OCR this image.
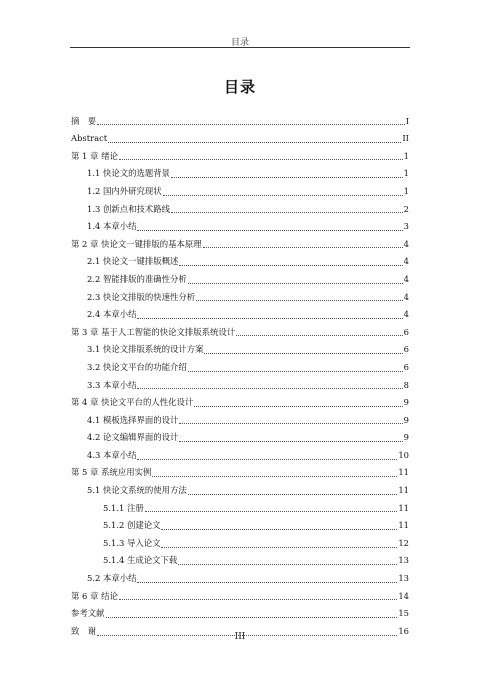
目录
目录
摘　要	I
Abstract	II
第 1 章 绪论	1
1.1 快论文的选题背景	1
1.2 国内外研究现状	1
1.3 创新点和技术路线	2
1.4 本章小结	3
第 2 章 快论文一键排版的基本原理	4
2.1 快论文一键排版概述	4
2.2 智能排版的准确性分析	4
2.3 快论文排版的快速性分析	4
2.4 本章小结	4
第 3 章 基于人工智能的快论文排版系统设计	6
3.1 快论文排版系统的设计方案	6
3.2 快论文平台的功能介绍	6
3.3 本章小结	8
第 4 章 快论文平台的人性化设计	9
4.1 模板选择界面的设计	9
4.2 论文编辑界面的设计	9
4.3 本章小结	10
第 5 章 系统应用实例	11
5.1 快论文系统的使用方法	11
5.1.1 注册	11
5.1.2 创建论文	11
5.1.3 导入论文	12
5.1.4 生成论文下载	13
5.2 本章小结	13
第 6 章 结论	14
参考文献	15
致　谢	16
III
